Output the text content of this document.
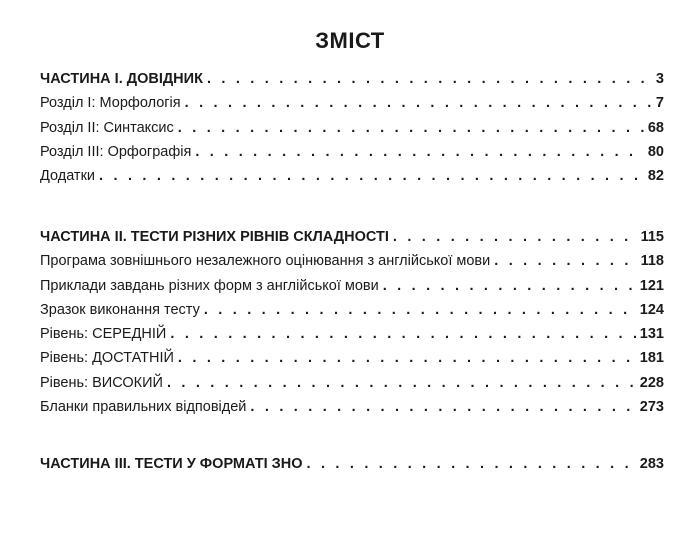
ЗМІСТ
ЧАСТИНА І. ДОВІДНИК . . .	3
Розділ І: Морфологія . . .	7
Розділ ІІ: Синтаксис . . .	68
Розділ ІІІ: Орфографія . . .	80
Додатки . . .	82
ЧАСТИНА ІІ. ТЕСТИ РІЗНИХ РІВНІВ СКЛАДНОСТІ . . .	115
Програма зовнішнього незалежного оцінювання з англійської мови . . .	118
Приклади завдань різних форм з англійської мови . . .	121
Зразок виконання тесту . . .	124
Рівень: СЕРЕДНІЙ . . .	131
Рівень: ДОСТАТНІЙ . . .	181
Рівень: ВИСОКИЙ . . .	228
Бланки правильних відповідей . . .	273
ЧАСТИНА ІІІ. ТЕСТИ У ФОРМАТІ ЗНО . . .	283
